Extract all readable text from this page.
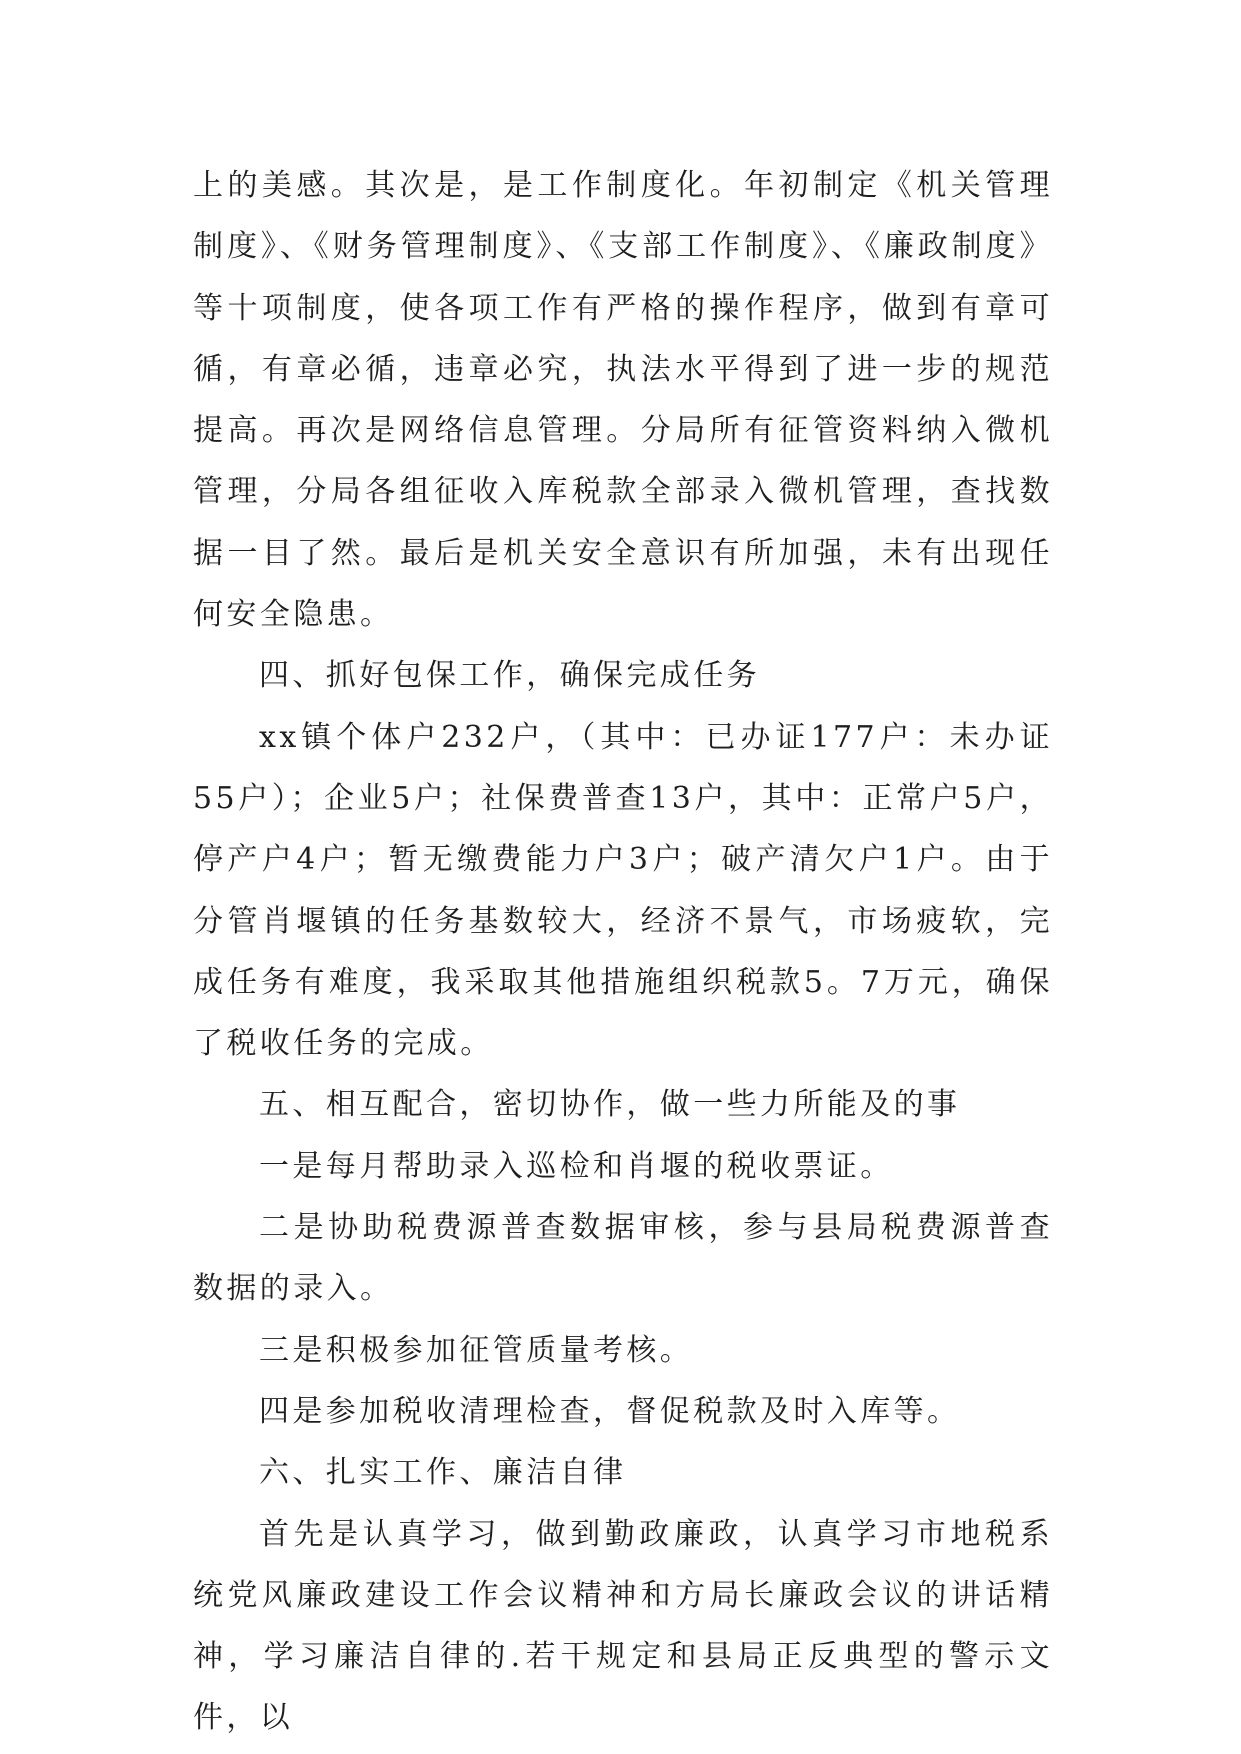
上的美感。其次是，是工作制度化。年初制定《机关管理制度》、《财务管理制度》、《支部工作制度》、《廉政制度》等十项制度，使各项工作有严格的操作程序，做到有章可循，有章必循，违章必究，执法水平得到了进一步的规范提高。再次是网络信息管理。分局所有征管资料纳入微机管理，分局各组征收入库税款全部录入微机管理，查找数据一目了然。最后是机关安全意识有所加强，未有出现任何安全隐患。

四、抓好包保工作，确保完成任务

xx镇个体户232户，（其中：已办证177户：未办证55户）；企业5户；社保费普查13户，其中：正常户5户，停产户4户；暂无缴费能力户3户；破产清欠户1户。由于分管肖堰镇的任务基数较大，经济不景气，市场疲软，完成任务有难度，我采取其他措施组织税款5。7万元，确保了税收任务的完成。

五、相互配合，密切协作，做一些力所能及的事

一是每月帮助录入巡检和肖堰的税收票证。

二是协助税费源普查数据审核，参与县局税费源普查数据的录入。

三是积极参加征管质量考核。

四是参加税收清理检查，督促税款及时入库等。

六、扎实工作、廉洁自律

首先是认真学习，做到勤政廉政，认真学习市地税系统党风廉政建设工作会议精神和方局长廉政会议的讲话精神，学习廉洁自律的.若干规定和县局正反典型的警示文件，以
